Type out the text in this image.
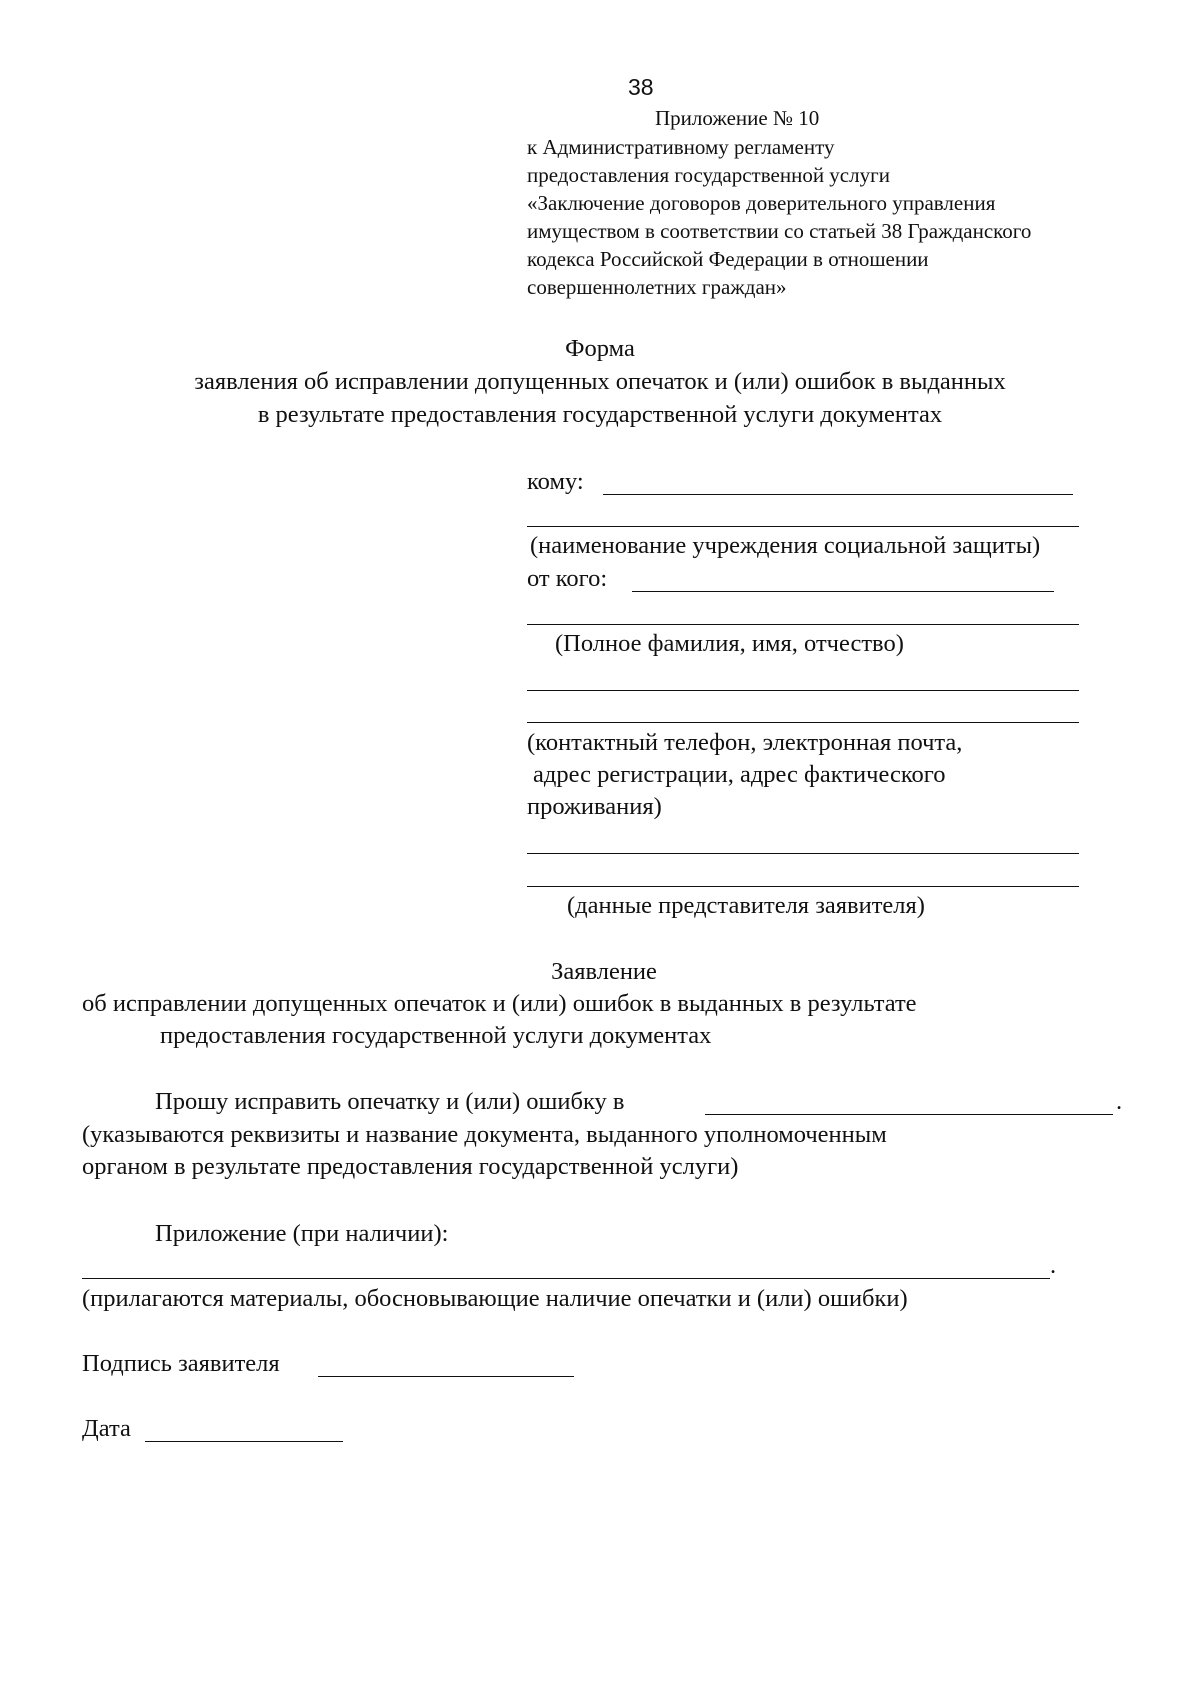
38
Приложение № 10
к Административному регламенту
предоставления государственной услуги
«Заключение договоров доверительного управления
имуществом в соответствии со статьей 38 Гражданского
кодекса Российской Федерации в отношении
совершеннолетних граждан»
Форма
заявления об исправлении допущенных опечаток и (или) ошибок в выданных
в результате предоставления государственной услуги документах
кому:
(наименование учреждения социальной защиты)
от кого:
(Полное фамилия, имя, отчество)
(контактный телефон, электронная почта,
адрес регистрации, адрес фактического
проживания)
(данные представителя заявителя)
Заявление
об исправлении допущенных опечаток и (или) ошибок в выданных в результате
предоставления государственной услуги документах
Прошу исправить опечатку и (или) ошибку в	.
(указываются реквизиты и название документа, выданного уполномоченным
органом в результате предоставления государственной услуги)
Приложение (при наличии):
.
(прилагаются материалы, обосновывающие наличие опечатки и (или) ошибки)
Подпись заявителя
Дата
